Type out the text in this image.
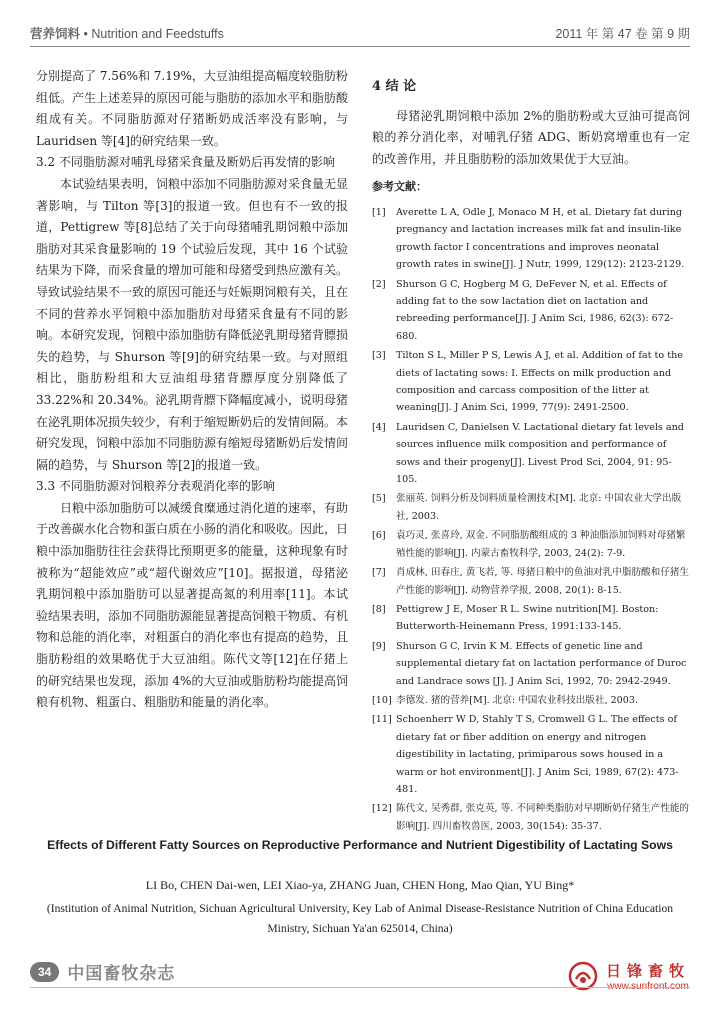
营养饲料 • Nutrition and Feedstuffs	2011 年 第 47 卷 第 9 期

分别提高了 7.56%和 7.19%，大豆油组提高幅度较脂肪粉组低。产生上述差异的原因可能与脂肪的添加水平和脂肪酸组成有关。不同脂肪源对仔猪断奶成活率没有影响，与 Lauridsen 等[4]的研究结果一致。

3.2 不同脂肪源对哺乳母猪采食量及断奶后再发情的影响

本试验结果表明，饲粮中添加不同脂肪源对采食量无显著影响，与 Tilton 等[3]的报道一致。但也有不一致的报道，Pettigrew 等[8]总结了关于向母猪哺乳期饲粮中添加脂肪对其采食量影响的 19 个试验后发现，其中 16 个试验结果为下降，而采食量的增加可能和母猪受到热应激有关。导致试验结果不一致的原因可能还与妊娠期饲粮有关，且在不同的营养水平饲粮中添加脂肪对母猪采食量有不同的影响。本研究发现，饲粮中添加脂肪有降低泌乳期母猪背膘损失的趋势，与 Shurson 等[9]的研究结果一致。与对照组相比，脂肪粉组和大豆油组母猪背膘厚度分别降低了 33.22%和 20.34%。泌乳期背膘下降幅度减小，说明母猪在泌乳期体况损失较少，有利于缩短断奶后的发情间隔。本研究发现，饲粮中添加不同脂肪源有缩短母猪断奶后发情间隔的趋势，与 Shurson 等[2]的报道一致。

3.3 不同脂肪源对饲粮养分表观消化率的影响

日粮中添加脂肪可以减缓食糜通过消化道的速率，有助于改善碳水化合物和蛋白质在小肠的消化和吸收。因此，日粮中添加脂肪往往会获得比预期更多的能量，这种现象有时被称为“超能效应”或“超代谢效应”[10]。据报道，母猪泌乳期饲粮中添加脂肪可以显著提高氮的利用率[11]。本试验结果表明，添加不同脂肪源能显著提高饲粮干物质、有机物和总能的消化率，对粗蛋白的消化率也有提高的趋势，且脂肪粉组的效果略优于大豆油组。陈代文等[12]在仔猪上的研究结果也发现，添加 4%的大豆油或脂肪粉均能提高饲粮有机物、粗蛋白、粗脂肪和能量的消化率。

4 结 论

母猪泌乳期饲粮中添加 2%的脂肪粉或大豆油可提高饲粮的养分消化率，对哺乳仔猪 ADG、断奶窝增重也有一定的改善作用，并且脂肪粉的添加效果优于大豆油。

参考文献：

[1]	Averette L A, Odle J, Monaco M H, et al. Dietary fat during pregnancy and lactation increases milk fat and insulin-like growth factor I concentrations and improves neonatal growth rates in swine[J]. J Nutr, 1999, 129(12): 2123-2129.
[2]	Shurson G C, Hogberg M G, DeFever N, et al. Effects of adding fat to the sow lactation diet on lactation and rebreeding performance[J]. J Anim Sci, 1986, 62(3): 672-680.
[3]	Tilton S L, Miller P S, Lewis A J, et al. Addition of fat to the diets of lactating sows: I. Effects on milk production and composition and carcass composition of the litter at weaning[J]. J Anim Sci, 1999, 77(9): 2491-2500.
[4]	Lauridsen C, Danielsen V. Lactational dietary fat levels and sources influence milk composition and performance of sows and their progeny[J]. Livest Prod Sci, 2004, 91: 95-105.
[5]	张丽英. 饲料分析及饲料质量检测技术[M]. 北京: 中国农业大学出版社, 2003.
[6]	袁巧灵, 张喜玲, 双金. 不同脂肪酸组成的 3 种油脂添加饲料对母猪繁殖性能的影响[J]. 内蒙古畜牧科学, 2003, 24(2): 7-9.
[7]	肖成林, 田春庄, 黄飞若, 等. 母猪日粮中的鱼油对乳中脂肪酸和仔猪生产性能的影响[J]. 动物营养学报, 2008, 20(1): 8-15.
[8]	Pettigrew J E, Moser R L. Swine nutrition[M]. Boston: Butterworth-Heinemann Press, 1991:133-145.
[9]	Shurson G C, Irvin K M. Effects of genetic line and supplemental dietary fat on lactation performance of Duroc and Landrace sows [J]. J Anim Sci, 1992, 70: 2942-2949.
[10] 李德发. 猪的营养[M]. 北京: 中国农业科技出版社, 2003.
[11] Schoenherr W D, Stahly T S, Cromwell G L. The effects of dietary fat or fiber addition on energy and nitrogen digestibility in lactating, primiparous sows housed in a warm or hot environment[J]. J Anim Sci, 1989, 67(2): 473-481.
[12] 陈代文, 吴秀群, 张克英, 等. 不同种类脂肪对早期断奶仔猪生产性能的影响[J]. 四川畜牧兽医, 2003, 30(154): 35-37.
Effects of Different Fatty Sources on Reproductive Performance and Nutrient Digestibility of Lactating Sows
LI Bo, CHEN Dai-wen, LEI Xiao-ya, ZHANG Juan, CHEN Hong, Mao Qian, YU Bing*
(Institution of Animal Nutrition, Sichuan Agricultural University, Key Lab of Animal Disease-Resistance Nutrition of China Education Ministry, Sichuan Ya'an 625014, China)
34 中国畜牧杂志	日锋畜牧
www.sunfront.com
